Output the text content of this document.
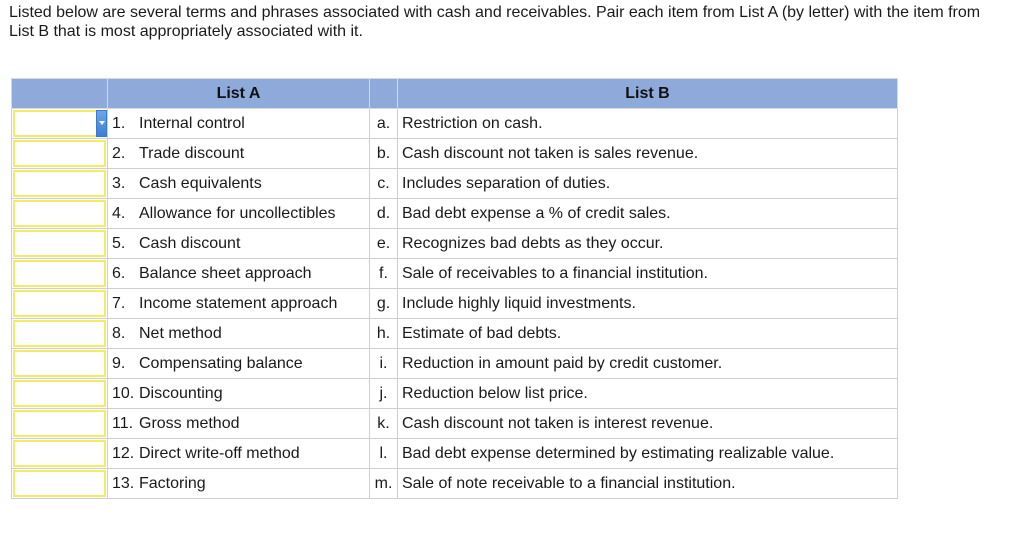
Listed below are several terms and phrases associated with cash and receivables. Pair each item from List A (by letter) with the item from List B that is most appropriately associated with it.
	List A		List B

	1. Internal control	a.	Restriction on cash.

	2. Trade discount	b.	Cash discount not taken is sales revenue.

	3. Cash equivalents	c.	Includes separation of duties.

	4. Allowance for uncollectibles	d.	Bad debt expense a % of credit sales.

	5. Cash discount	e.	Recognizes bad debts as they occur.

	6. Balance sheet approach	f.	Sale of receivables to a financial institution.

	7. Income statement approach	g.	Include highly liquid investments.

	8. Net method	h.	Estimate of bad debts.

	9. Compensating balance	i.	Reduction in amount paid by credit customer.

	10. Discounting	j.	Reduction below list price.

	11. Gross method	k.	Cash discount not taken is interest revenue.

	12. Direct write-off method	l.	Bad debt expense determined by estimating realizable value.

	13. Factoring	m.	Sale of note receivable to a financial institution.
